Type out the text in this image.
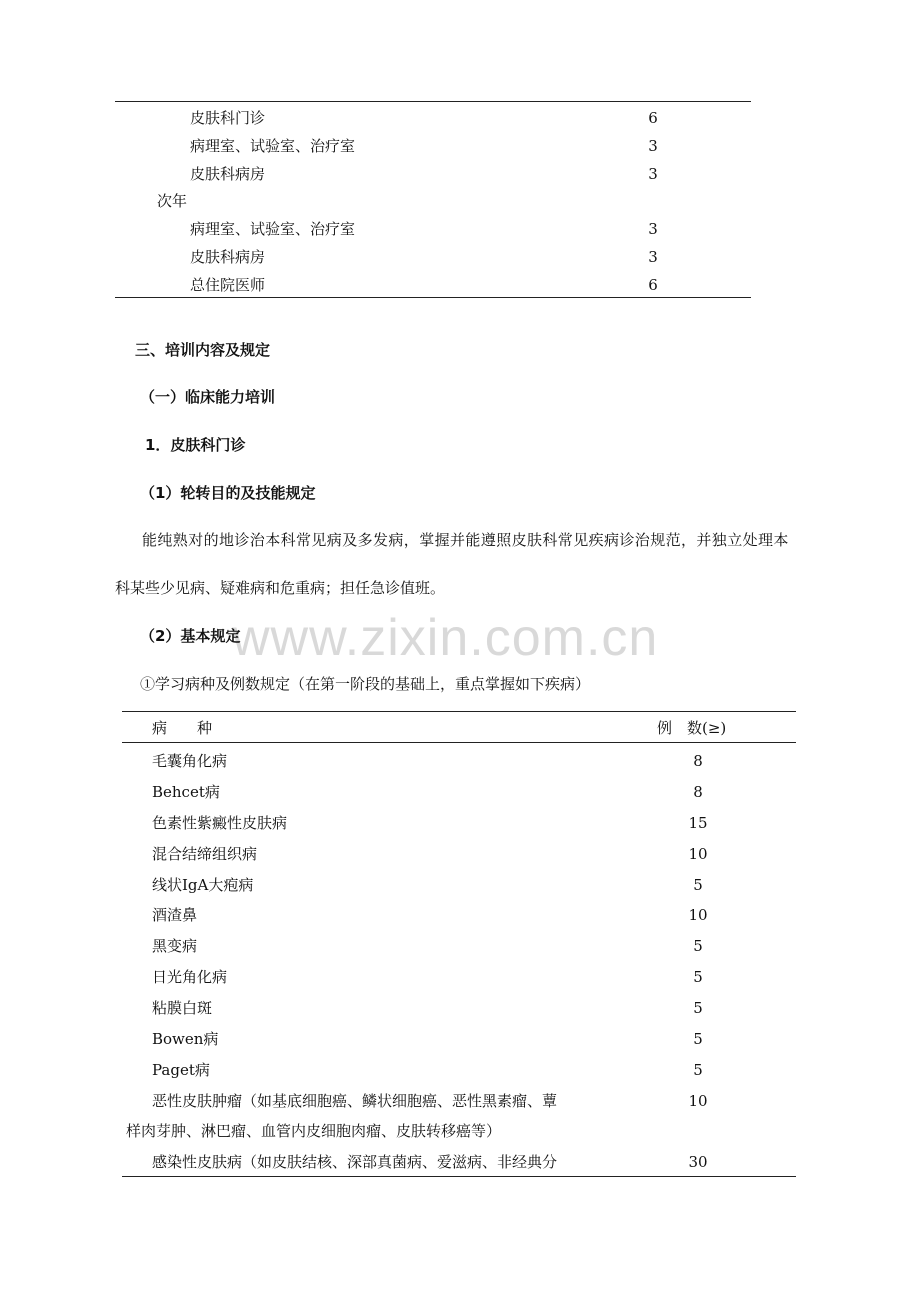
www.zixin.com.cn
皮肤科门诊	6
病理室、试验室、治疗室	3
皮肤科病房	3
次年
病理室、试验室、治疗室	3
皮肤科病房	3
总住院医师	6
三、培训内容及规定
（一）临床能力培训
1．皮肤科门诊
（1）轮转目的及技能规定
能纯熟对的地诊治本科常见病及多发病，掌握并能遵照皮肤科常见疾病诊治规范，并独立处理本
科某些少见病、疑难病和危重病；担任急诊值班。
（2）基本规定
①学习病种及例数规定（在第一阶段的基础上，重点掌握如下疾病）
病　　种	例　数(≥)
毛囊角化病	8
Behcet病	8
色素性紫癜性皮肤病	15
混合结缔组织病	10
线状IgA大疱病	5
酒渣鼻	10
黑变病	5
日光角化病	5
粘膜白斑	5
Bowen病	5
Paget病	5
恶性皮肤肿瘤（如基底细胞癌、鳞状细胞癌、恶性黑素瘤、蕈	10
样肉芽肿、淋巴瘤、血管内皮细胞肉瘤、皮肤转移癌等）
感染性皮肤病（如皮肤结核、深部真菌病、爱滋病、非经典分	30
